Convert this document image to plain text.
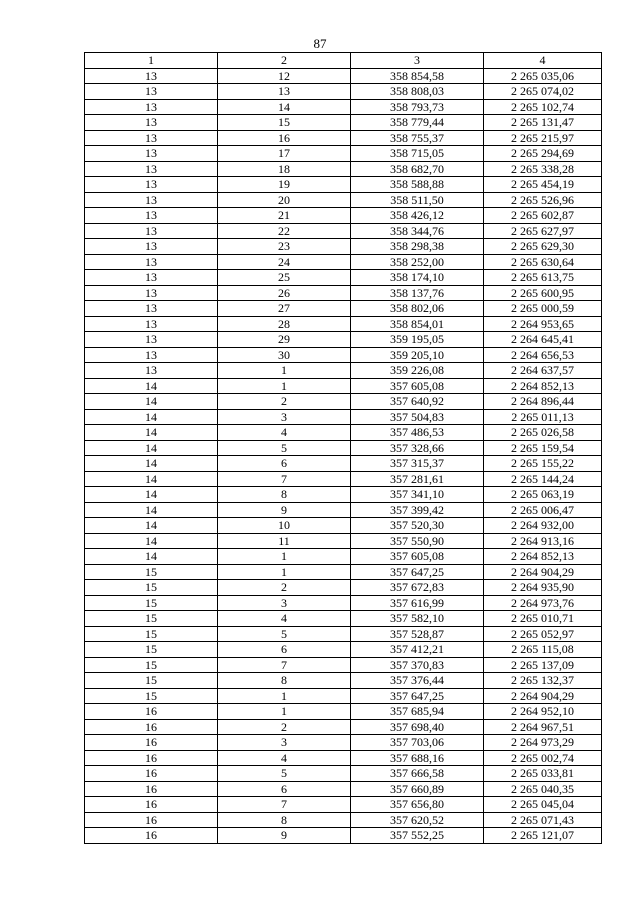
87
1	2	3	4
13	12	358 854,58	2 265 035,06
13	13	358 808,03	2 265 074,02
13	14	358 793,73	2 265 102,74
13	15	358 779,44	2 265 131,47
13	16	358 755,37	2 265 215,97
13	17	358 715,05	2 265 294,69
13	18	358 682,70	2 265 338,28
13	19	358 588,88	2 265 454,19
13	20	358 511,50	2 265 526,96
13	21	358 426,12	2 265 602,87
13	22	358 344,76	2 265 627,97
13	23	358 298,38	2 265 629,30
13	24	358 252,00	2 265 630,64
13	25	358 174,10	2 265 613,75
13	26	358 137,76	2 265 600,95
13	27	358 802,06	2 265 000,59
13	28	358 854,01	2 264 953,65
13	29	359 195,05	2 264 645,41
13	30	359 205,10	2 264 656,53
13	1	359 226,08	2 264 637,57
14	1	357 605,08	2 264 852,13
14	2	357 640,92	2 264 896,44
14	3	357 504,83	2 265 011,13
14	4	357 486,53	2 265 026,58
14	5	357 328,66	2 265 159,54
14	6	357 315,37	2 265 155,22
14	7	357 281,61	2 265 144,24
14	8	357 341,10	2 265 063,19
14	9	357 399,42	2 265 006,47
14	10	357 520,30	2 264 932,00
14	11	357 550,90	2 264 913,16
14	1	357 605,08	2 264 852,13
15	1	357 647,25	2 264 904,29
15	2	357 672,83	2 264 935,90
15	3	357 616,99	2 264 973,76
15	4	357 582,10	2 265 010,71
15	5	357 528,87	2 265 052,97
15	6	357 412,21	2 265 115,08
15	7	357 370,83	2 265 137,09
15	8	357 376,44	2 265 132,37
15	1	357 647,25	2 264 904,29
16	1	357 685,94	2 264 952,10
16	2	357 698,40	2 264 967,51
16	3	357 703,06	2 264 973,29
16	4	357 688,16	2 265 002,74
16	5	357 666,58	2 265 033,81
16	6	357 660,89	2 265 040,35
16	7	357 656,80	2 265 045,04
16	8	357 620,52	2 265 071,43
16	9	357 552,25	2 265 121,07
